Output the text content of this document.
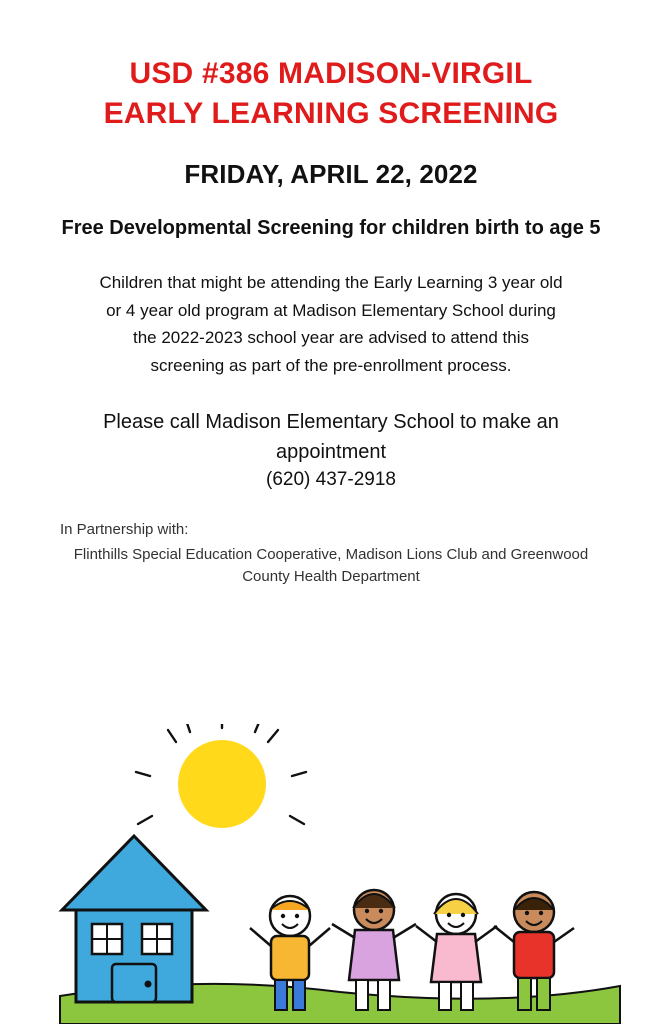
USD #386 MADISON-VIRGIL
EARLY LEARNING SCREENING
FRIDAY, APRIL 22, 2022
Free Developmental Screening for children birth to age 5
Children that might be attending the Early Learning 3 year old or 4 year old program at Madison Elementary School during the 2022-2023 school year are advised to attend this screening as part of the pre-enrollment process.
Please call Madison Elementary School to make an appointment
(620) 437-2918
In Partnership with:
Flinthills Special Education Cooperative, Madison Lions Club and Greenwood County Health Department
